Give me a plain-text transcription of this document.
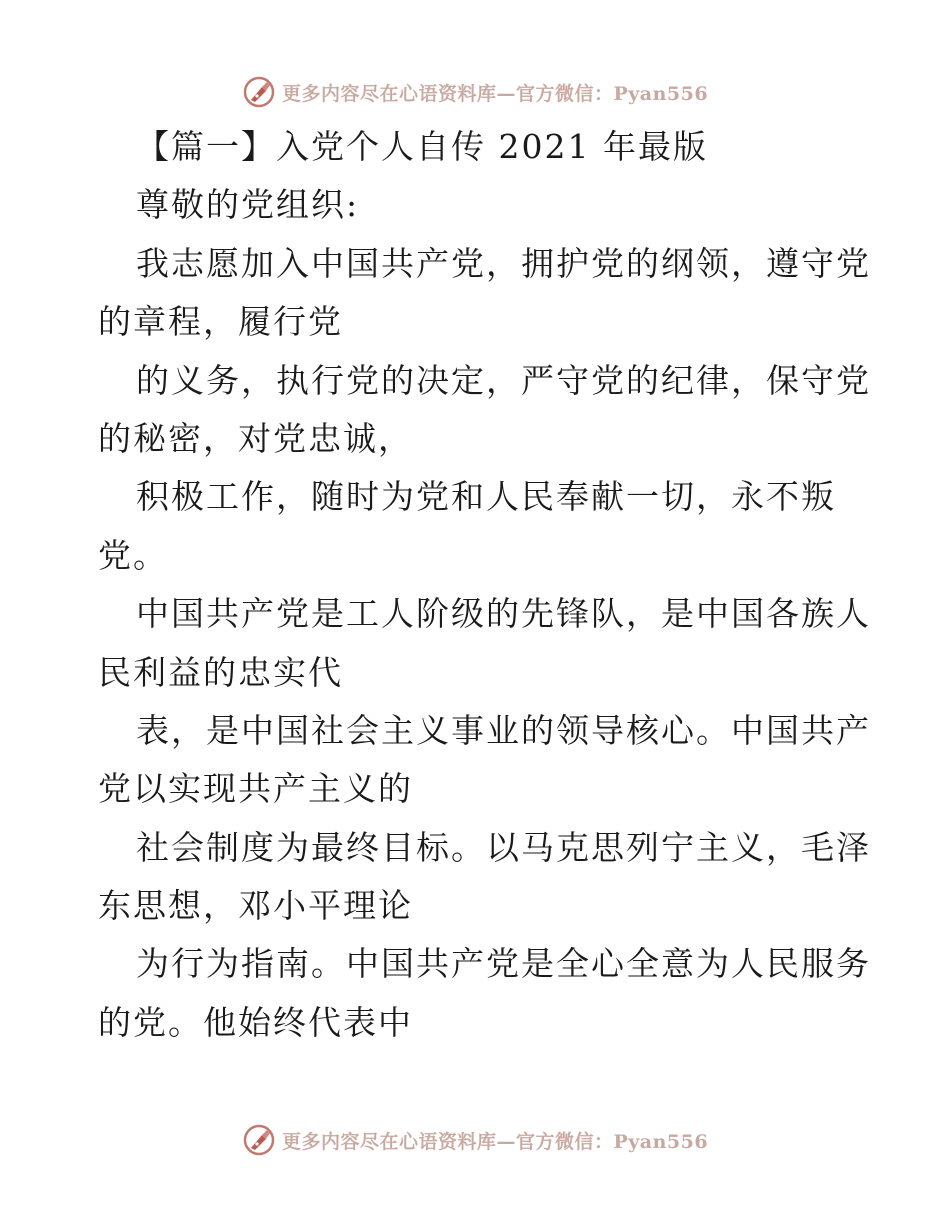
更多内容尽在心语资料库—官方微信：Pyan556
【篇一】入党个人自传 2021 年最版
尊敬的党组织:
我志愿加入中国共产党，拥护党的纲领，遵守党
的章程，履行党
的义务，执行党的决定，严守党的纪律，保守党
的秘密，对党忠诚，
积极工作，随时为党和人民奉献一切，永不叛
党。
中国共产党是工人阶级的先锋队，是中国各族人
民利益的忠实代
表，是中国社会主义事业的领导核心。中国共产
党以实现共产主义的
社会制度为最终目标。以马克思列宁主义，毛泽
东思想，邓小平理论
为行为指南。中国共产党是全心全意为人民服务
的党。他始终代表中
更多内容尽在心语资料库—官方微信：Pyan556
